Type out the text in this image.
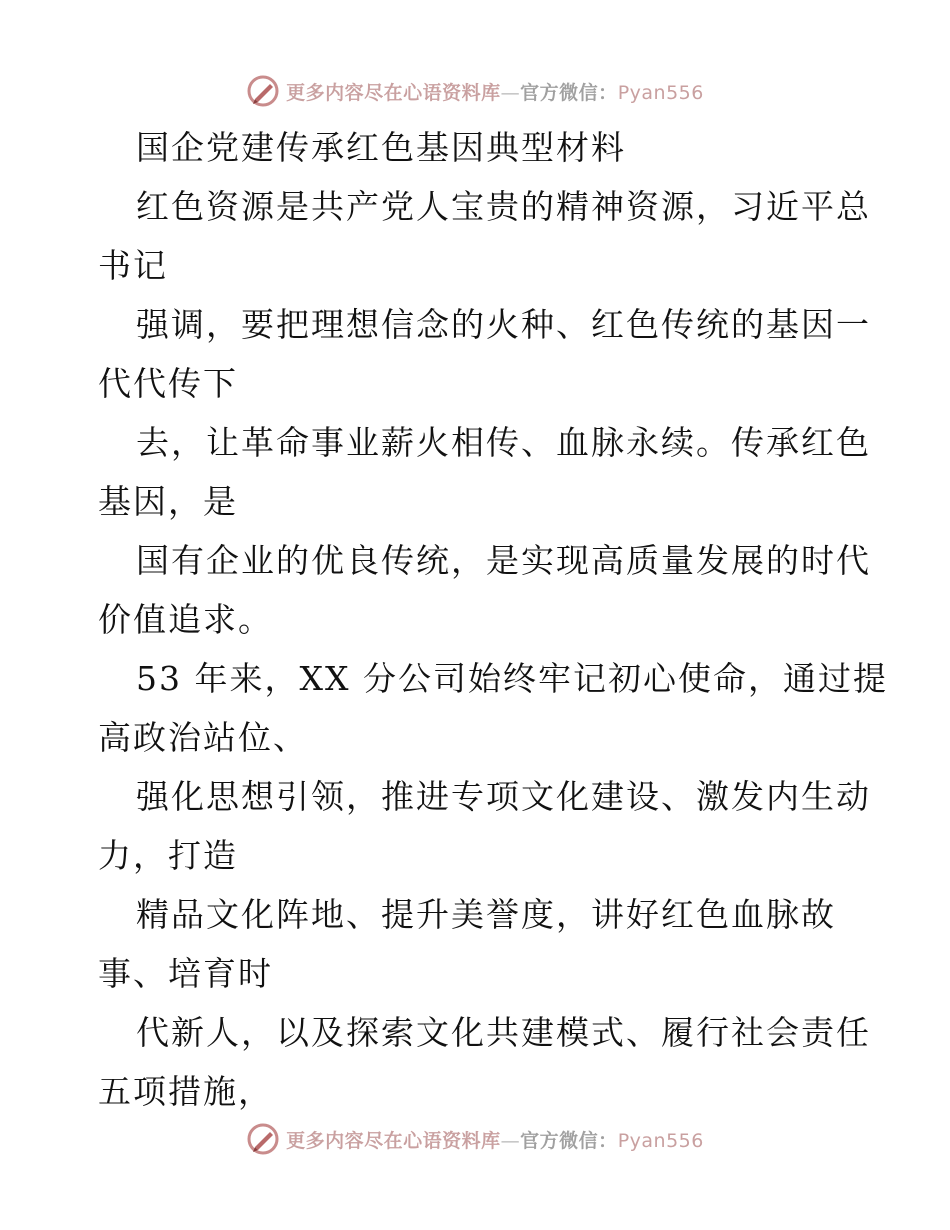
更多内容尽在心语资料库—官方微信：Pyan556
国企党建传承红色基因典型材料
红色资源是共产党人宝贵的精神资源，习近平总
书记
强调，要把理想信念的火种、红色传统的基因一
代代传下
去，让革命事业薪火相传、血脉永续。传承红色
基因，是
国有企业的优良传统，是实现高质量发展的时代
价值追求。
53 年来，XX 分公司始终牢记初心使命，通过提
高政治站位、
强化思想引领，推进专项文化建设、激发内生动
力，打造
精品文化阵地、提升美誉度，讲好红色血脉故
事、培育时
代新人，以及探索文化共建模式、履行社会责任
五项措施，
更多内容尽在心语资料库—官方微信：Pyan556
